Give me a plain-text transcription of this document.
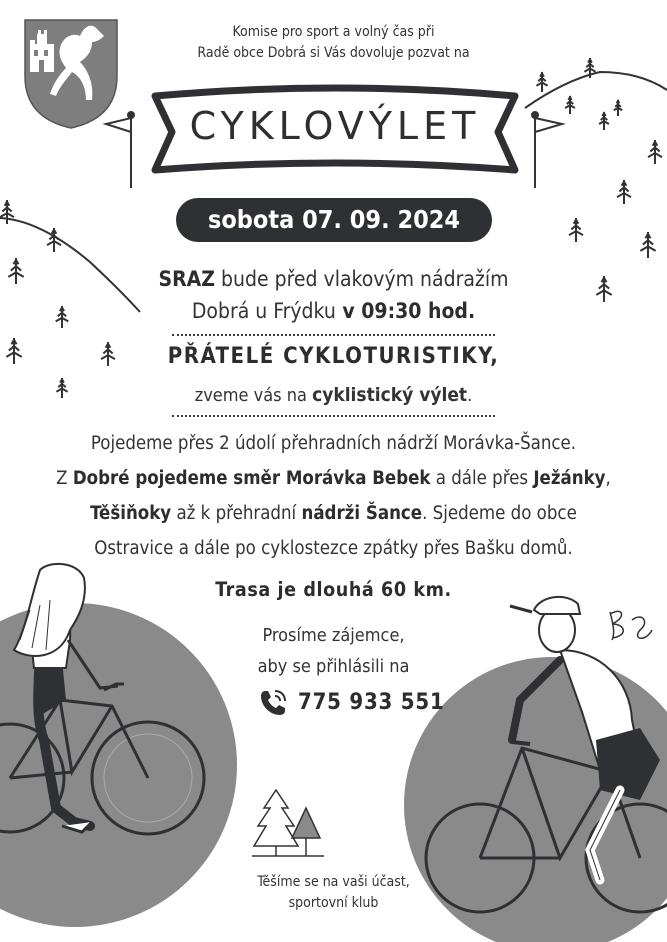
Komise pro sport a volný čas při
Radě obce Dobrá si Vás dovoluje pozvat na
CYKLOVÝLET
sobota 07. 09. 2024
SRAZ bude před vlakovým nádražím
Dobrá u Frýdku v 09:30 hod.
PŘÁTELÉ CYKLOTURISTIKY,
zveme vás na cyklistický výlet.
Pojedeme přes 2 údolí přehradních nádrží Morávka-Šance.
Z Dobré pojedeme směr Morávka Bebek a dále přes Ježánky,
Těšiňoky až k přehradní nádrži Šance. Sjedeme do obce
Ostravice a dále po cyklostezce zpátky přes Bašku domů.
Trasa je dlouhá 60 km.
Prosíme zájemce,
aby se přihlásili na
775 933 551
Těšíme se na vaši účast,
sportovní klub
